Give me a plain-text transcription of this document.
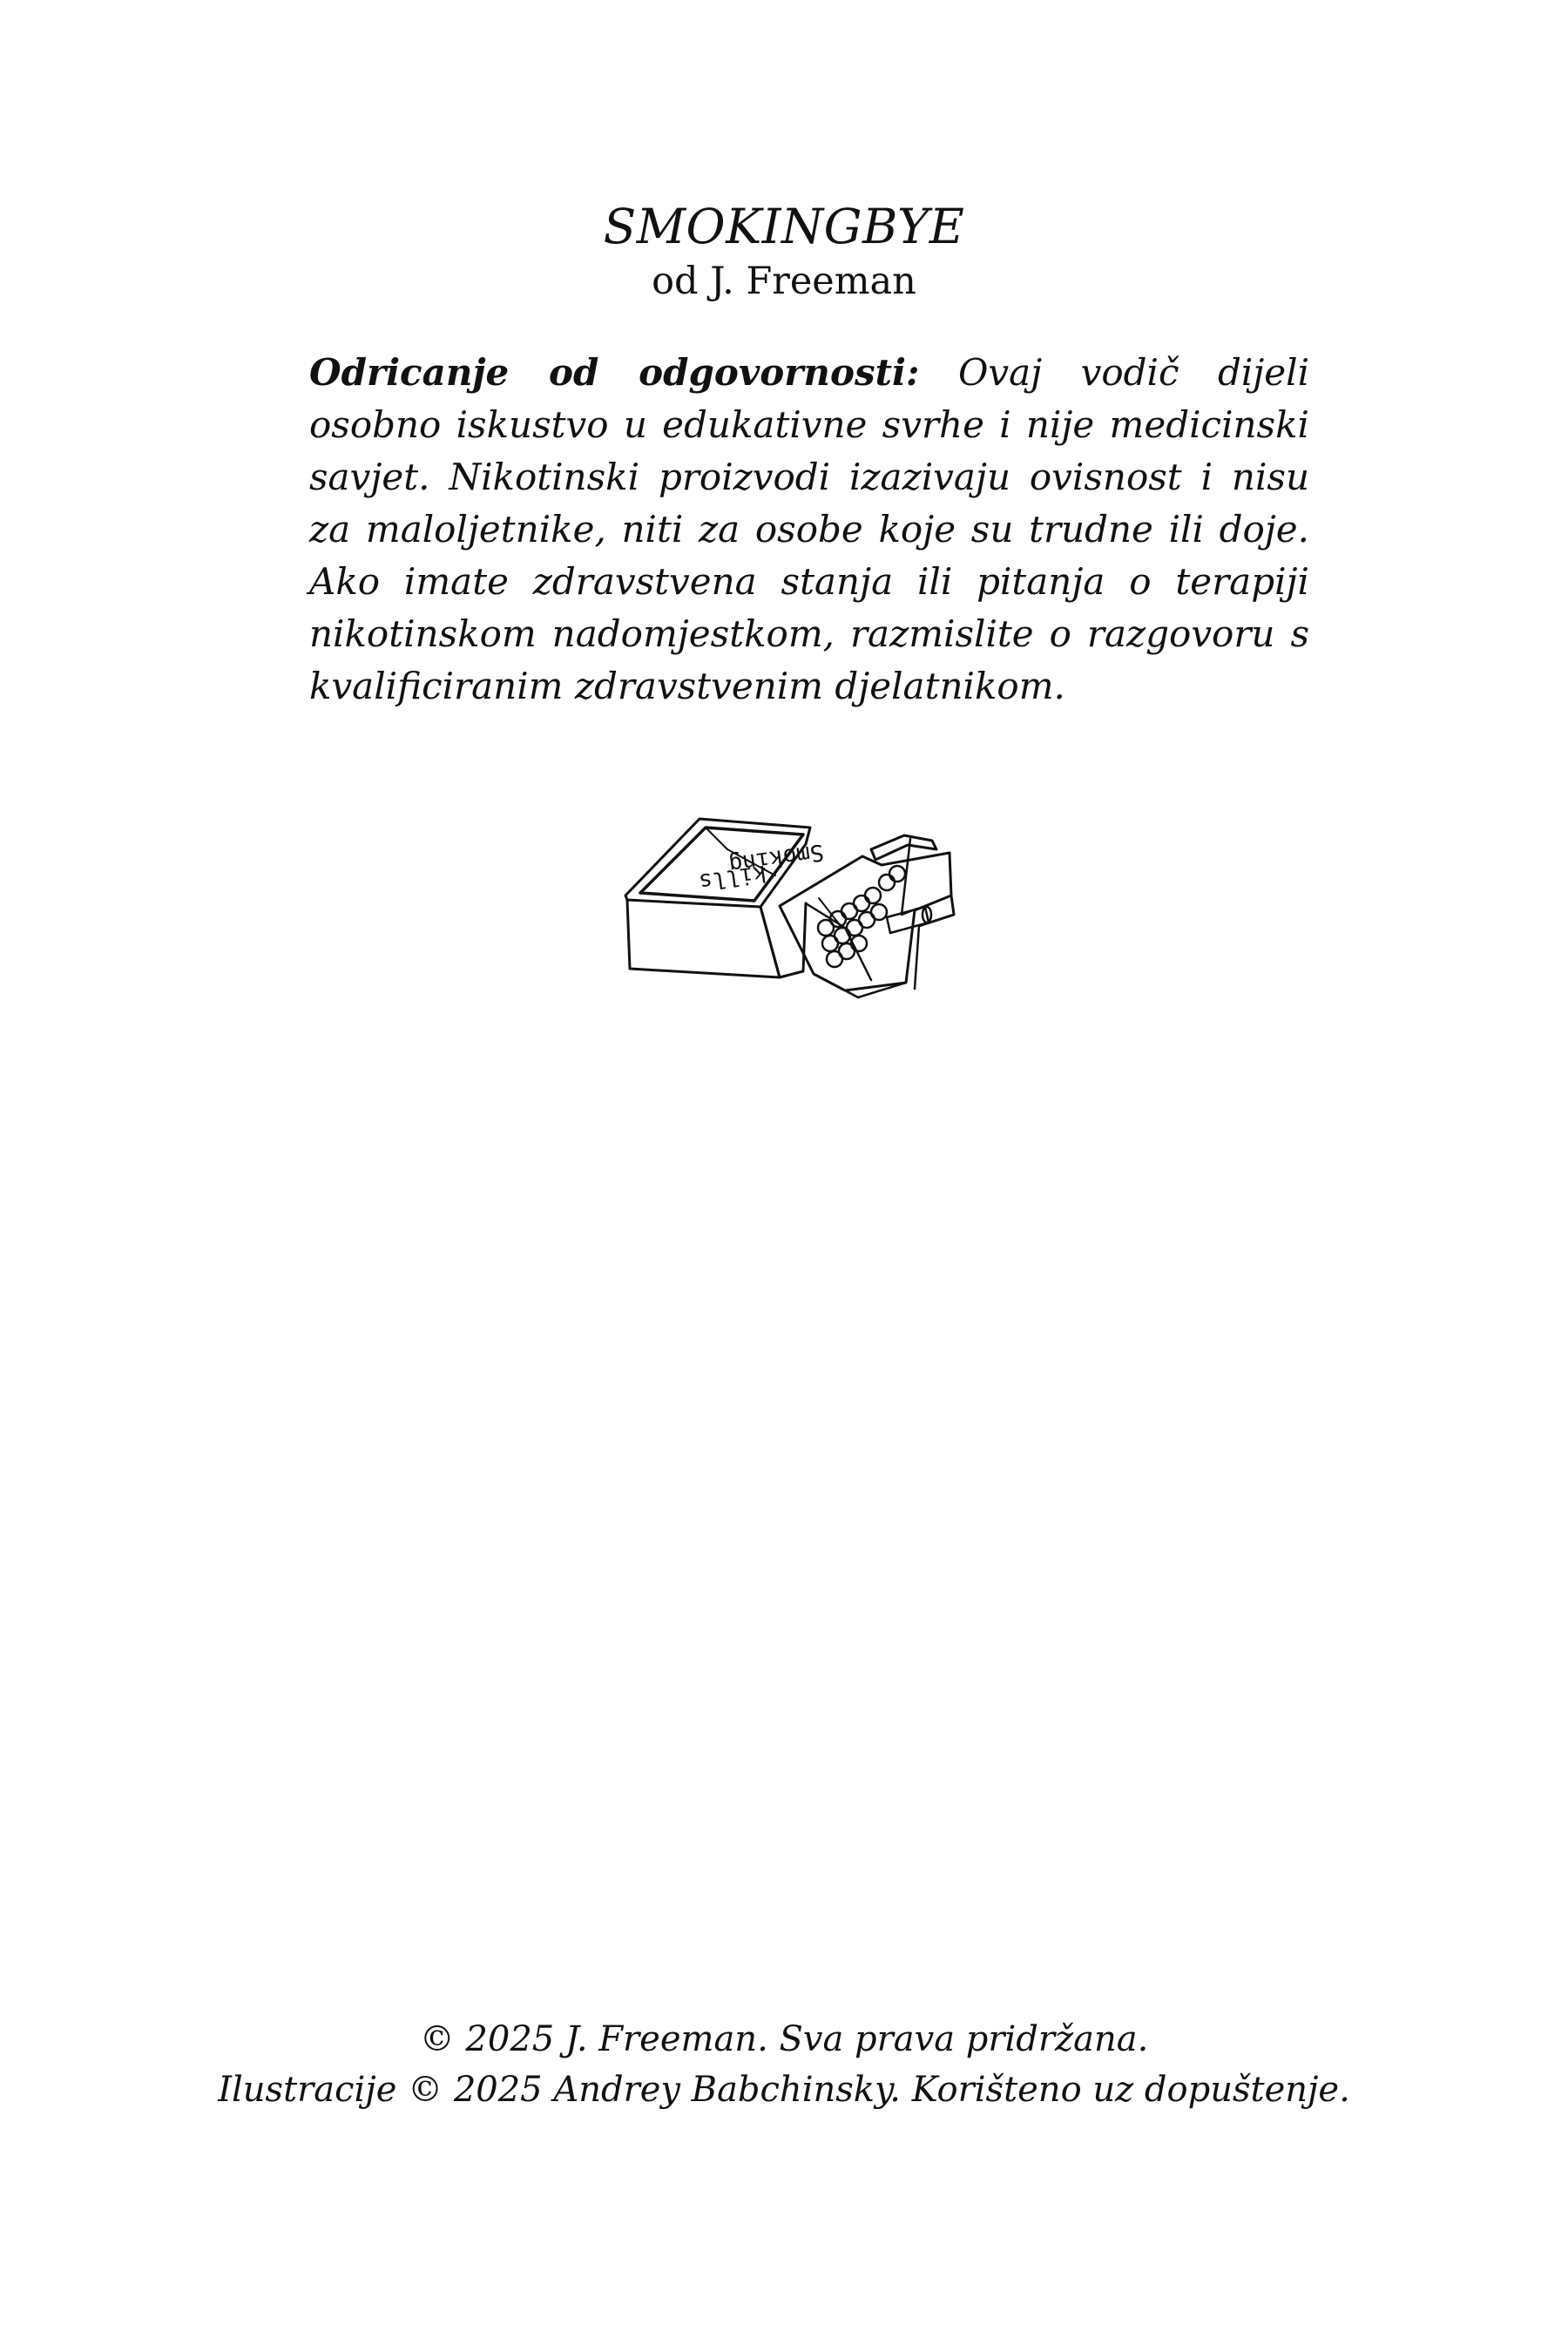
SMOKINGBYE
od J. Freeman

Odricanje od odgovornosti: Ovaj vodič dijeli osobno iskustvo u edukativne svrhe i nije medicinski savjet. Nikotinski proizvodi izazivaju ovisnost i nisu za maloljetnike, niti za osobe koje su trudne ili doje. Ako imate zdravstvena stanja ili pitanja o terapiji nikotinskom nadomjestkom, razmislite o razgovoru s kvalificiranim zdravstvenim djelatnikom.

Smoking
kills
© 2025 J. Freeman. Sva prava pridržana.
Ilustracije © 2025 Andrey Babchinsky. Korišteno uz dopuštenje.
